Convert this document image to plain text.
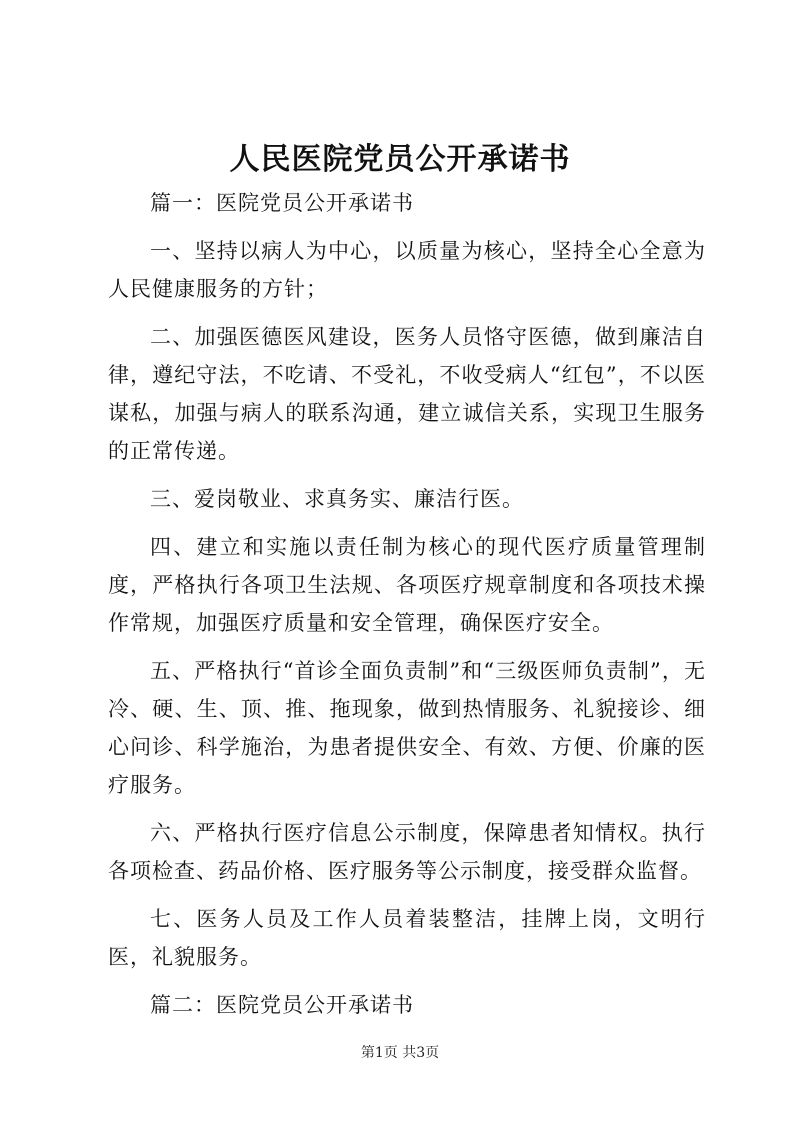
人民医院党员公开承诺书

篇一：医院党员公开承诺书

一、坚持以病人为中心，以质量为核心，坚持全心全意为人民健康服务的方针；

二、加强医德医风建设，医务人员恪守医德，做到廉洁自律，遵纪守法，不吃请、不受礼，不收受病人“红包”，不以医谋私，加强与病人的联系沟通，建立诚信关系，实现卫生服务的正常传递。

三、爱岗敬业、求真务实、廉洁行医。

四、建立和实施以责任制为核心的现代医疗质量管理制度，严格执行各项卫生法规、各项医疗规章制度和各项技术操作常规，加强医疗质量和安全管理，确保医疗安全。

五、严格执行“首诊全面负责制”和“三级医师负责制”，无冷、硬、生、顶、推、拖现象，做到热情服务、礼貌接诊、细心问诊、科学施治，为患者提供安全、有效、方便、价廉的医疗服务。

六、严格执行医疗信息公示制度，保障患者知情权。执行各项检查、药品价格、医疗服务等公示制度，接受群众监督。

七、医务人员及工作人员着装整洁，挂牌上岗，文明行医，礼貌服务。

篇二：医院党员公开承诺书

第1页 共3页
